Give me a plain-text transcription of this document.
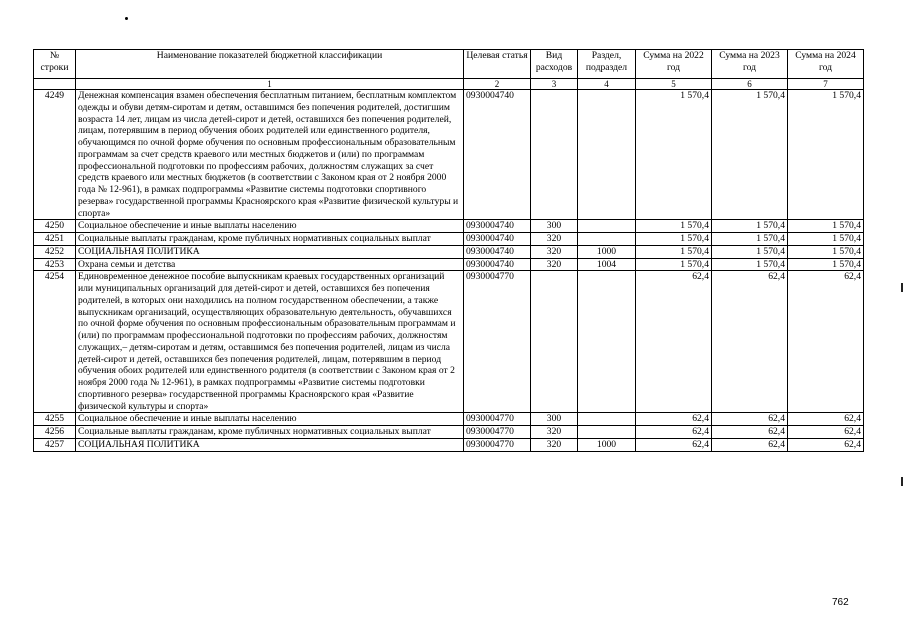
№ строки	Наименование показателей бюджетной классификации	Целевая статья	Вид расходов	Раздел, подраздел	Сумма на 2022 год	Сумма на 2023 год	Сумма на 2024 год
	1	2	3	4	5	6	7
4249	Денежная компенсация взамен обеспечения бесплатным питанием, бесплатным комплектом одежды и обуви детям-сиротам и детям, оставшимся без попечения родителей, достигшим возраста 14 лет, лицам из числа детей-сирот и детей, оставшихся без попечения родителей, лицам, потерявшим в период обучения обоих родителей или единственного родителя, обучающимся по очной форме обучения по основным профессиональным образовательным программам за счет средств краевого или местных бюджетов и (или) по программам профессиональной подготовки по профессиям рабочих, должностям служащих за счет средств краевого или местных бюджетов (в соответствии с Законом края от 2 ноября 2000 года № 12-961), в рамках подпрограммы «Развитие системы подготовки спортивного резерва» государственной программы Красноярского края «Развитие физической культуры и спорта»	0930004740			1 570,4	1 570,4	1 570,4
4250	Социальное обеспечение и иные выплаты населению	0930004740	300		1 570,4	1 570,4	1 570,4
4251	Социальные выплаты гражданам, кроме публичных нормативных социальных выплат	0930004740	320		1 570,4	1 570,4	1 570,4
4252	СОЦИАЛЬНАЯ ПОЛИТИКА	0930004740	320	1000	1 570,4	1 570,4	1 570,4
4253	Охрана семьи и детства	0930004740	320	1004	1 570,4	1 570,4	1 570,4
4254	Единовременное денежное пособие выпускникам краевых государственных организаций или муниципальных организаций для детей-сирот и детей, оставшихся без попечения родителей, в которых они находились на полном государственном обеспечении, а также выпускникам организаций, осуществляющих образовательную деятельность, обучавшихся по очной форме обучения по основным профессиональным образовательным программам и (или) по программам профессиональной подготовки по профессиям рабочих, должностям служащих,– детям-сиротам и детям, оставшимся без попечения родителей, лицам из числа детей-сирот и детей, оставшихся без попечения родителей, лицам, потерявшим в период обучения обоих родителей или единственного родителя (в соответствии с Законом края от 2 ноября 2000 года № 12-961), в рамках подпрограммы «Развитие системы подготовки спортивного резерва» государственной программы Красноярского края «Развитие физической культуры и спорта»	0930004770			62,4	62,4	62,4
4255	Социальное обеспечение и иные выплаты населению	0930004770	300		62,4	62,4	62,4
4256	Социальные выплаты гражданам, кроме публичных нормативных социальных выплат	0930004770	320		62,4	62,4	62,4
4257	СОЦИАЛЬНАЯ ПОЛИТИКА	0930004770	320	1000	62,4	62,4	62,4
762
